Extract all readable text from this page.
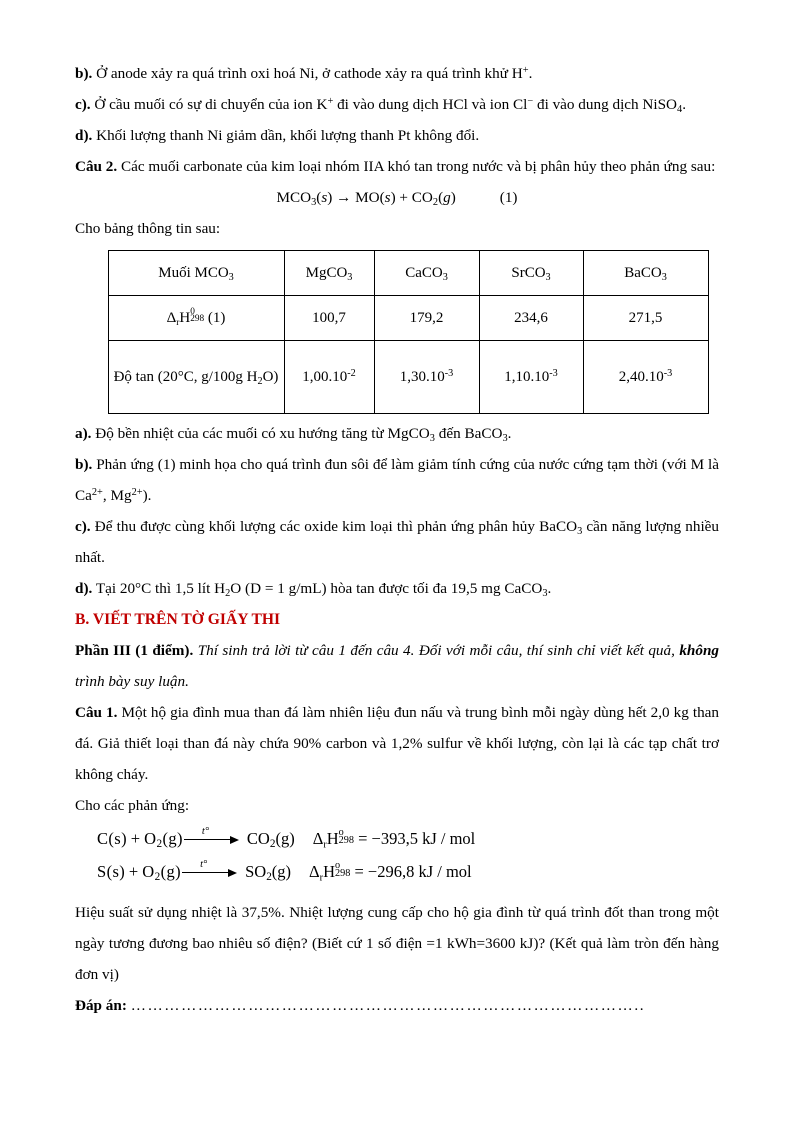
b). Ở anode xảy ra quá trình oxi hoá Ni, ở cathode xảy ra quá trình khử H+.

c). Ở cầu muối có sự di chuyển của ion K+ đi vào dung dịch HCl và ion Cl− đi vào dung dịch NiSO$_4$.

d). Khối lượng thanh Ni giảm dần, khối lượng thanh Pt không đổi.

Câu 2. Các muối carbonate của kim loại nhóm IIA khó tan trong nước và bị phân hủy theo phản ứng sau:

$MCO_3(s) \to MO(s) + CO_2(g)$	(1)

Cho bảng thông tin sau:

Muối $MCO_3$	MgCO$_3$	CaCO$_3$	SrCO$_3$	BaCO$_3$
ΔrH 0
298 (1)	100,7	179,2	234,6	271,5
Độ tan (20°C, g/100g $H_2O$)	$1,00.10^{-2}$	$1,30.10^{-3}$	$1,10.10^{-3}$	$2,40.10^{-3}$

a). Độ bền nhiệt của các muối có xu hướng tăng từ MgCO$_3$ đến BaCO$_3$.

b). Phản ứng (1) minh họa cho quá trình đun sôi để làm giảm tính cứng của nước cứng tạm thời (với M là $Ca^{2+}$, $Mg^{2+}$).

c). Để thu được cùng khối lượng các oxide kim loại thì phản ứng phân hủy BaCO$_3$ cần năng lượng nhiều nhất.

d). Tại 20°C thì 1,5 lít $H_2O$ (D = 1 g/mL) hòa tan được tối đa 19,5 mg CaCO$_3$.

B. VIẾT TRÊN TỜ GIẤY THI

Phần III (1 điểm). Thí sinh trả lời từ câu 1 đến câu 4. Đối với mỗi câu, thí sinh chỉ viết kết quả, không trình bày suy luận.

Câu 1. Một hộ gia đình mua than đá làm nhiên liệu đun nấu và trung bình mỗi ngày dùng hết 2,0 kg than đá. Giả thiết loại than đá này chứa 90% carbon và 1,2% sulfur về khối lượng, còn lại là các tạp chất trơ không cháy.

Cho các phản ứng:

$C(s) + O_2(g)$ t° $CO_2(g)$ ΔrH o
298 = −393,5 kJ / mol
$S(s) + O_2(g)$ t° $SO_2(g)$ ΔrH o
298 = −296,8 kJ / mol

Hiệu suất sử dụng nhiệt là 37,5%. Nhiệt lượng cung cấp cho hộ gia đình từ quá trình đốt than trong một ngày tương đương bao nhiêu số điện? (Biết cứ 1 số điện =1 kWh=3600 kJ)? (Kết quả làm tròn đến hàng đơn vị)

Đáp án: ………………………………………………………………………………..
